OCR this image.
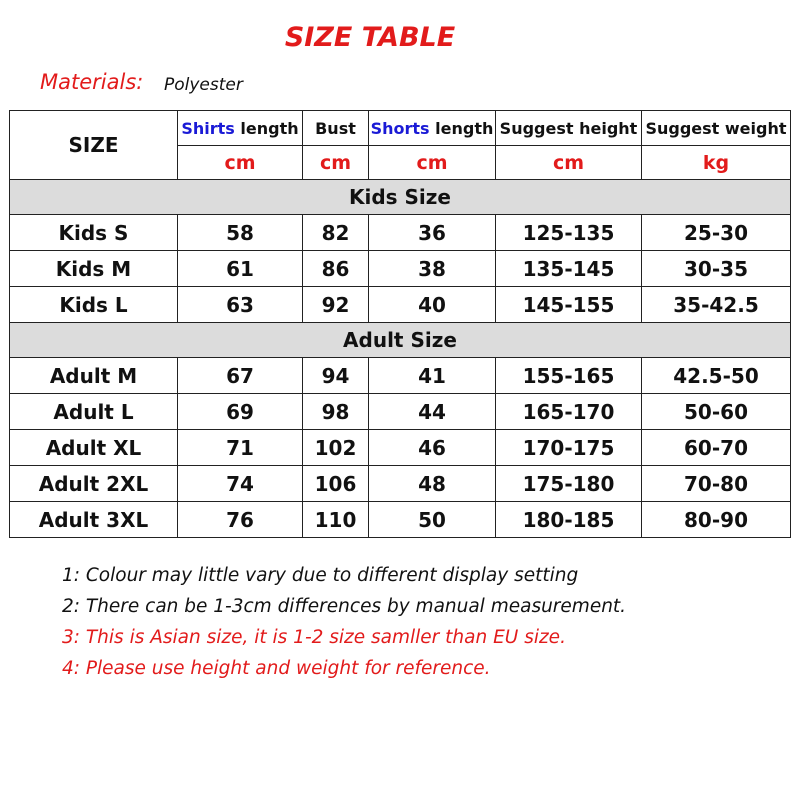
SIZE TABLE
Materials: Polyester
SIZE	Shirts length	Bust	Shorts length	Suggest height	Suggest weight
	cm	cm	cm	cm	kg
Kids Size					
Kids S	58	82	36	125-135	25-30
Kids M	61	86	38	135-145	30-35
Kids L	63	92	40	145-155	35-42.5
Adult Size					
Adult M	67	94	41	155-165	42.5-50
Adult L	69	98	44	165-170	50-60
Adult XL	71	102	46	170-175	60-70
Adult 2XL	74	106	48	175-180	70-80
Adult 3XL	76	110	50	180-185	80-90
1: Colour may little vary due to different display setting
2: There can be 1-3cm differences by manual measurement.
3: This is Asian size, it is 1-2 size samller than EU size.
4: Please use height and weight for reference.
